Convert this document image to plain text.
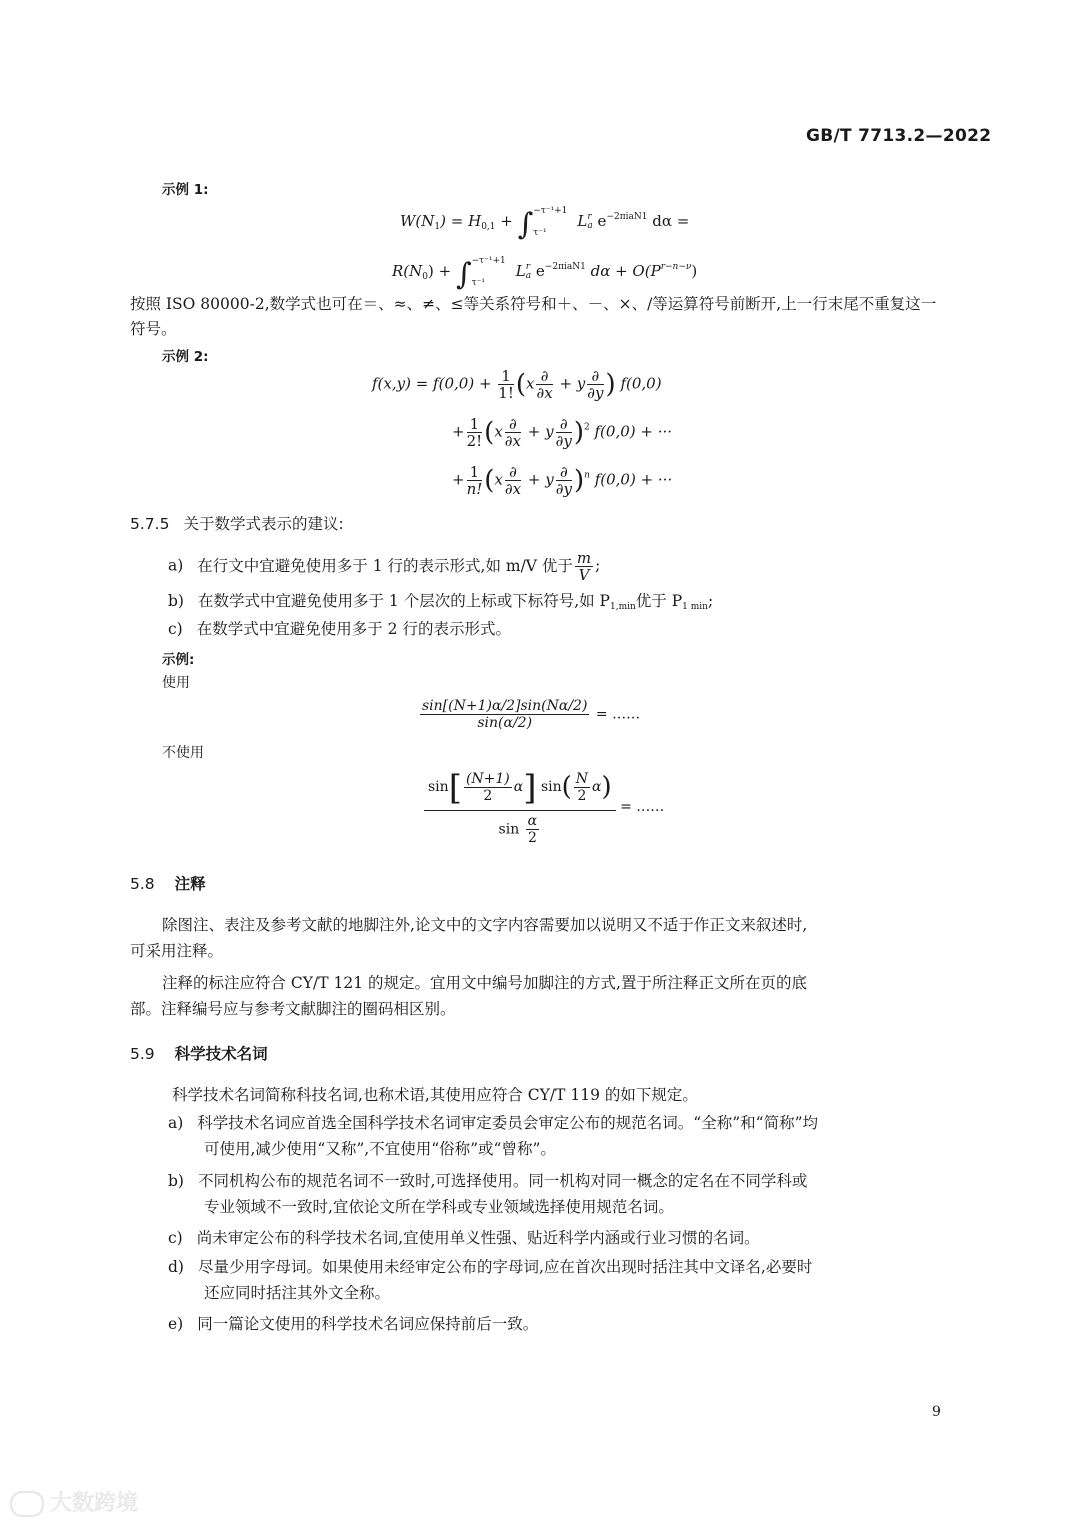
GB/T 7713.2—2022
示例 1:
$W(N_1) = H_{0,1}$ + ∫ −τ⁻¹+1
τ⁻¹
L r
a $e^{-2\pi iaN1}$ dα =
$R(N_0)$ + ∫ −τ⁻¹+1
τ⁻¹
L r
a $e^{-2\pi iaN1}$ $d\alpha + O(P^{r-n-\nu})$
按照 ISO 80000-2,数学式也可在＝、≈、≠、≤等关系符号和＋、－、×、/等运算符号前断开,上一行末尾不重复这一
符号。
示例 2:
$f(x,y) = f(0,0) + \frac{1}{1!} (x \frac{\partial}{\partial x} + y \frac{\partial}{\partial y}$ ) f(0,0)
+ $\frac{1}{2!} (x \frac{\partial}{\partial x} + y \frac{\partial}{\partial y} )^2$ f(0,0) + ···
+ $\frac{1}{n!} (x \frac{\partial}{\partial x} + y \frac{\partial}{\partial y} )^n$ f(0,0) + ···
5.7.5 关于数学式表示的建议:
a) 在行文中宜避免使用多于 1 行的表示形式,如 m/V 优于 $\frac{m}{V}$ ;
b) 在数学式中宜避免使用多于 1 个层次的上标或下标符号,如 $P_{1,min}$优于 $P_{1 min}$;
c) 在数学式中宜避免使用多于 2 行的表示形式。
示例:
使用
$\frac{\sin[(N+1)\alpha/2]\sin(N\alpha/2)}{\sin(\alpha/2)}$ = ……
不使用
$\frac{\sin[ \frac{(N+1)}{2} \alpha] \sin( \frac{N}{2} \alpha)}{\sin \frac{\alpha}{2}}$ = ……
5.8 注释
除图注、表注及参考文献的地脚注外,论文中的文字内容需要加以说明又不适于作正文来叙述时,
可采用注释。
注释的标注应符合 CY/T 121 的规定。宜用文中编号加脚注的方式,置于所注释正文所在页的底
部。注释编号应与参考文献脚注的圈码相区别。
5.9 科学技术名词
科学技术名词简称科技名词,也称术语,其使用应符合 CY/T 119 的如下规定。
a) 科学技术名词应首选全国科学技术名词审定委员会审定公布的规范名词。“全称”和“简称”均
可使用,减少使用“又称”,不宜使用“俗称”或“曾称”。
b) 不同机构公布的规范名词不一致时,可选择使用。同一机构对同一概念的定名在不同学科或
专业领域不一致时,宜依论文所在学科或专业领域选择使用规范名词。
c) 尚未审定公布的科学技术名词,宜使用单义性强、贴近科学内涵或行业习惯的名词。
d) 尽量少用字母词。如果使用未经审定公布的字母词,应在首次出现时括注其中文译名,必要时
还应同时括注其外文全称。
e) 同一篇论文使用的科学技术名词应保持前后一致。
9
大数跨境
